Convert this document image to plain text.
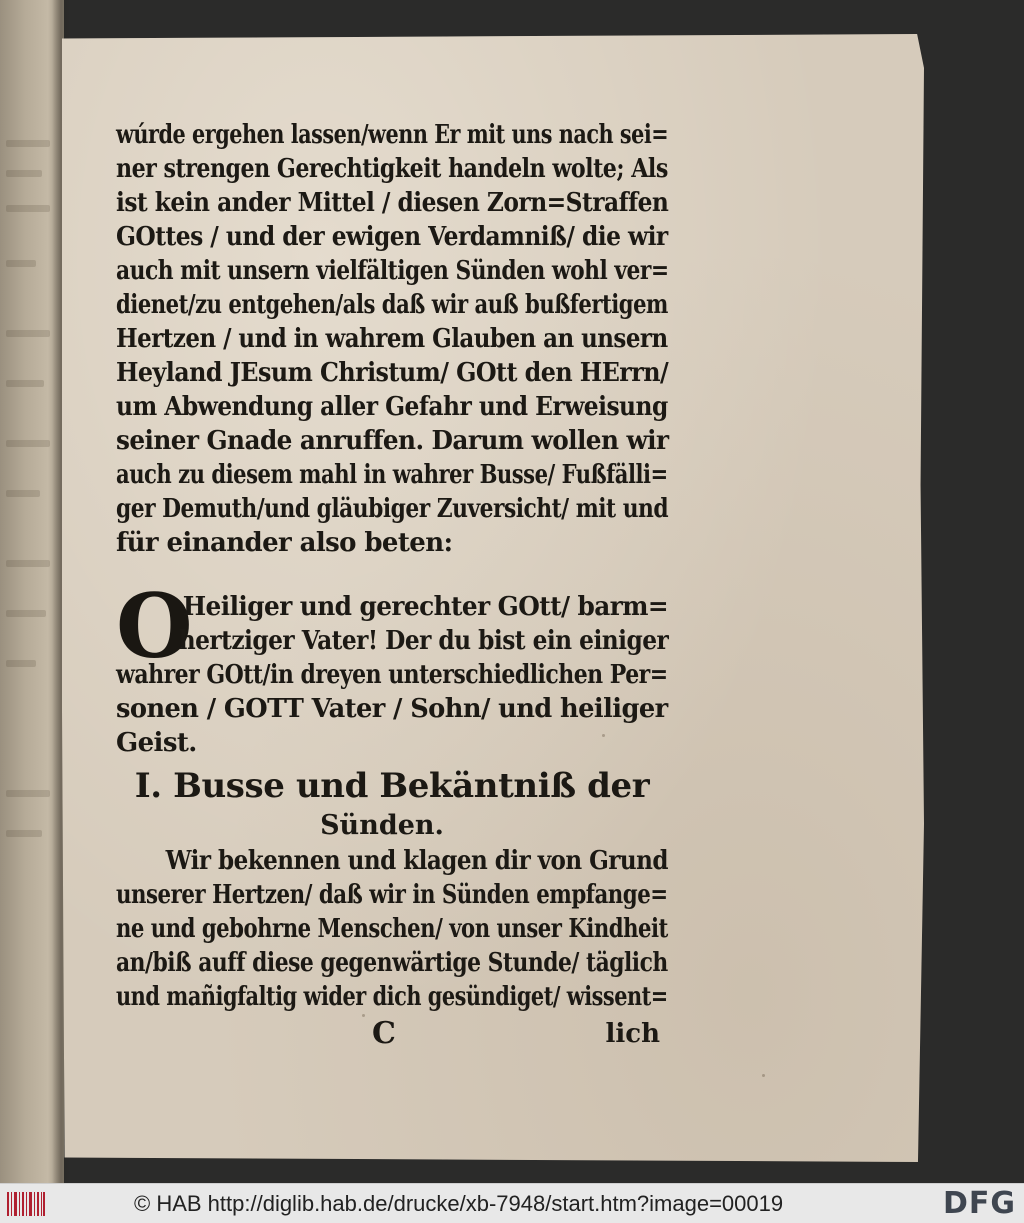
wúrde ergehen lassen/wenn Er mit uns nach sei=
ner strengen Gerechtigkeit handeln wolte; Als
ist kein ander Mittel / diesen Zorn=Straffen
GOttes / und der ewigen Verdamniß/ die wir
auch mit unsern vielfältigen Sünden wohl ver=
dienet/zu entgehen/als daß wir auß bußfertigem
Hertzen / und in wahrem Glauben an unsern
Heyland JEsum Christum/ GOtt den HErrn/
um Abwendung aller Gefahr und Erweisung
seiner Gnade anruffen. Darum wollen wir
auch zu diesem mahl in wahrer Busse/ Fußfälli=
ger Demuth/und gläubiger Zuversicht/ mit und
für einander also beten:
O
Heiliger und gerechter GOtt/ barm=
hertziger Vater! Der du bist ein einiger
wahrer GOtt/in dreyen unterschiedlichen Per=
sonen / GOTT Vater / Sohn/ und heiliger
Geist.
I. Busse und Bekäntniß der
Sünden.
Wir bekennen und klagen dir von Grund
unserer Hertzen/ daß wir in Sünden empfange=
ne und gebohrne Menschen/ von unser Kindheit
an/biß auff diese gegenwärtige Stunde/ täglich
und mañigfaltig wider dich gesündiget/ wissent=
C	lich
© HAB http://diglib.hab.de/drucke/xb-7948/start.htm?image=00019	DFG
